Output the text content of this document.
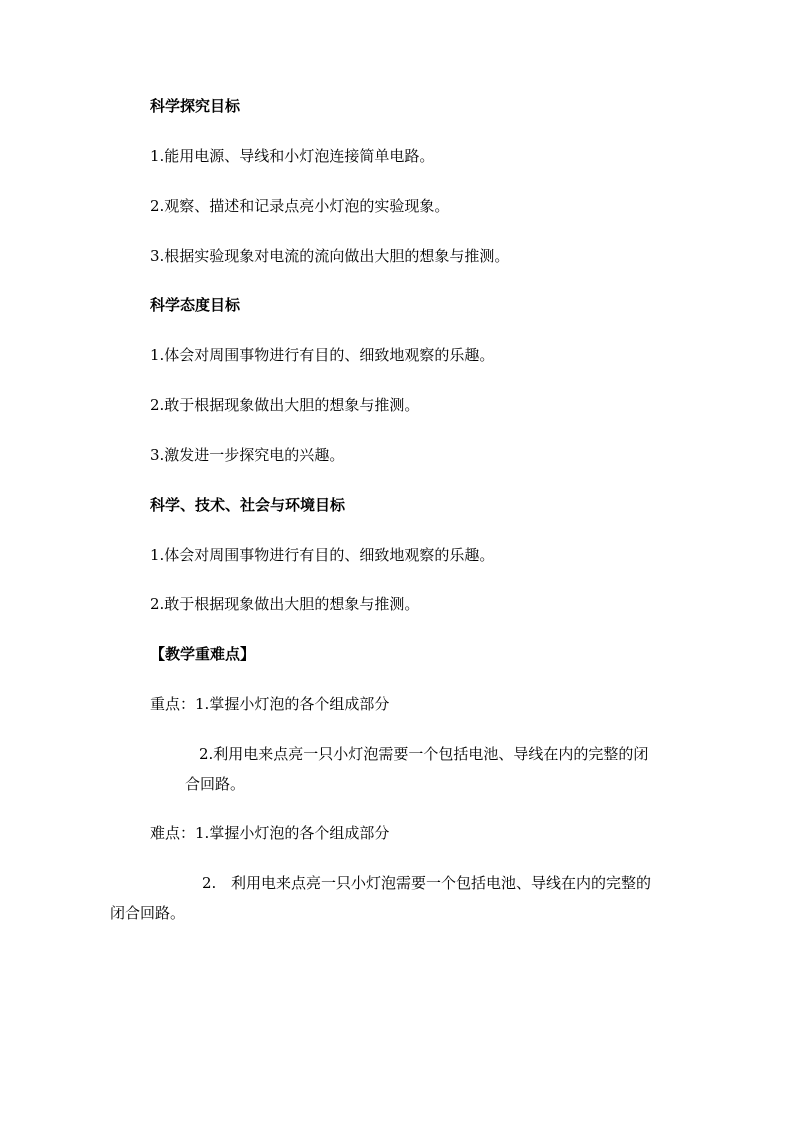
科学探究目标
1.能用电源、导线和小灯泡连接简单电路。
2.观察、描述和记录点亮小灯泡的实验现象。
3.根据实验现象对电流的流向做出大胆的想象与推测。
科学态度目标
1.体会对周围事物进行有目的、细致地观察的乐趣。
2.敢于根据现象做出大胆的想象与推测。
3.激发进一步探究电的兴趣。
科学、技术、社会与环境目标
1.体会对周围事物进行有目的、细致地观察的乐趣。
2.敢于根据现象做出大胆的想象与推测。
【教学重难点】
重点：1.掌握小灯泡的各个组成部分
2.利用电来点亮一只小灯泡需要一个包括电池、导线在内的完整的闭
合回路。
难点：1.掌握小灯泡的各个组成部分
2. 利用电来点亮一只小灯泡需要一个包括电池、导线在内的完整的
闭合回路。
